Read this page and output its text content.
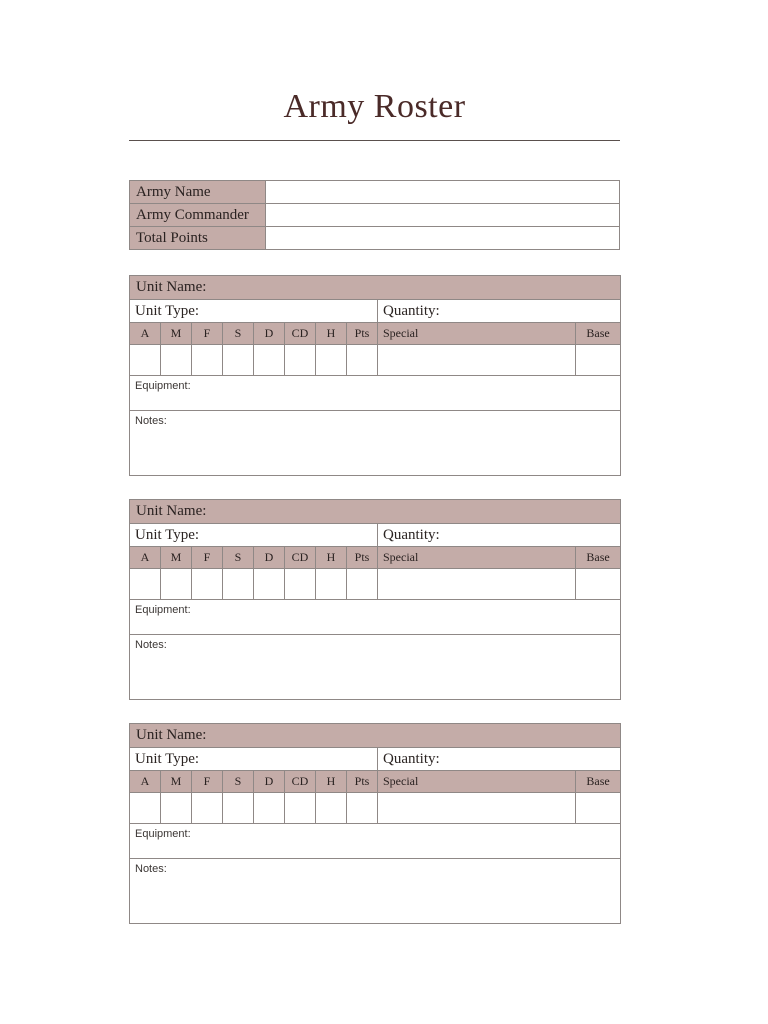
Army Roster
Army Name	
Army Commander	
Total Points	
Unit Name:									
Unit Type:								Quantity:	
A	M	F	S	D	CD	H	Pts	Special	Base

Equipment:									
Notes:									
Unit Name:									
Unit Type:								Quantity:	
A	M	F	S	D	CD	H	Pts	Special	Base

Equipment:									
Notes:									
Unit Name:									
Unit Type:								Quantity:	
A	M	F	S	D	CD	H	Pts	Special	Base

Equipment:									
Notes:									
